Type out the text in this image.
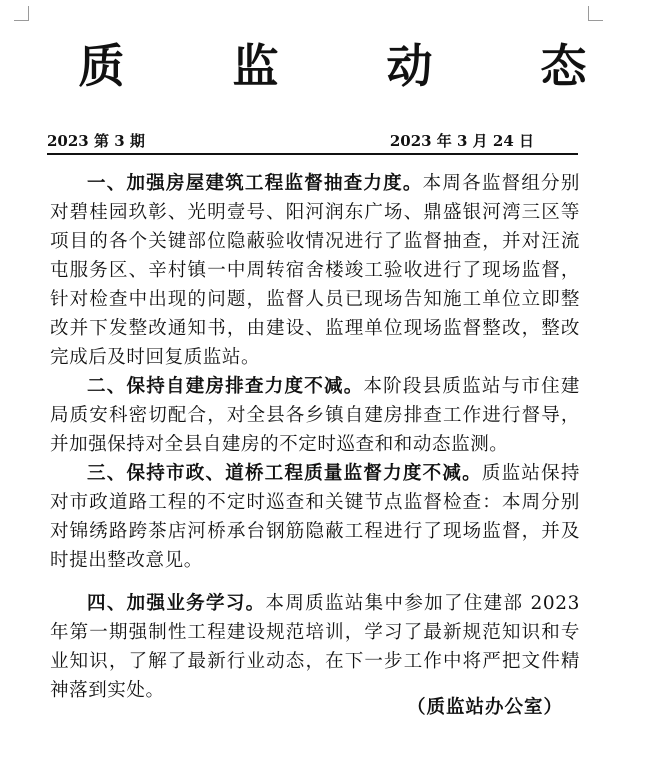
质 监 动 态
2023 第 3 期	2023 年 3 月 24 日

一、加强房屋建筑工程监督抽查力度。本周各监督组分别对碧桂园玖彰、光明壹号、阳河润东广场、鼎盛银河湾三区等项目的各个关键部位隐蔽验收情况进行了监督抽查，并对汪流屯服务区、辛村镇一中周转宿舍楼竣工验收进行了现场监督，针对检查中出现的问题，监督人员已现场告知施工单位立即整改并下发整改通知书，由建设、监理单位现场监督整改，整改完成后及时回复质监站。

二、保持自建房排查力度不减。本阶段县质监站与市住建局质安科密切配合，对全县各乡镇自建房排查工作进行督导，并加强保持对全县自建房的不定时巡查和和动态监测。

三、保持市政、道桥工程质量监督力度不减。质监站保持对市政道路工程的不定时巡查和关键节点监督检查：本周分别对锦绣路跨茶店河桥承台钢筋隐蔽工程进行了现场监督，并及时提出整改意见。

四、加强业务学习。本周质监站集中参加了住建部 2023 年第一期强制性工程建设规范培训，学习了最新规范知识和专业知识，了解了最新行业动态，在下一步工作中将严把文件精神落到实处。

（质监站办公室）
